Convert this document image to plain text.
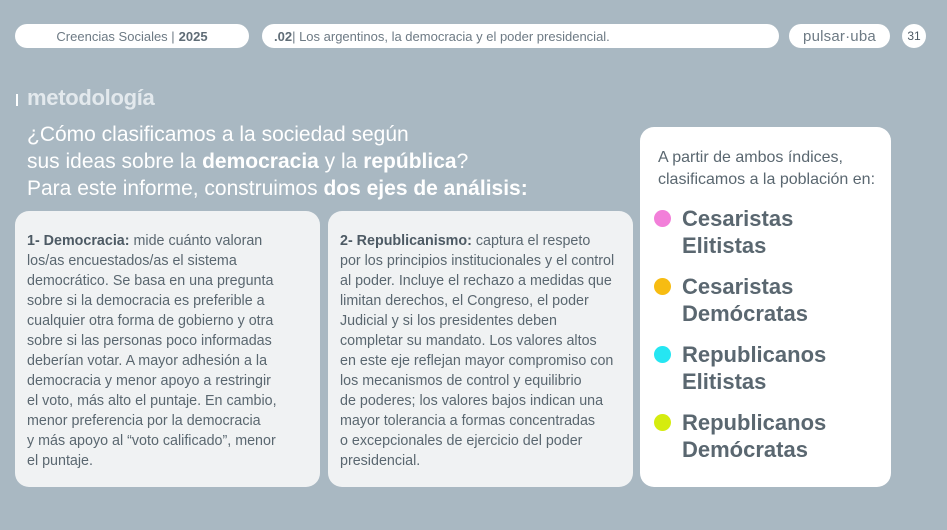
Creencias Sociales | 2025	.02 | Los argentinos, la democracia y el poder presidencial.	pulsar·uba	31
metodología
¿Cómo clasificamos a la sociedad según
sus ideas sobre la democracia y la república?
Para este informe, construimos dos ejes de análisis:

1- Democracia: mide cuánto valoran

los/as encuestados/as el sistema

democrático. Se basa en una pregunta

sobre si la democracia es preferible a

cualquier otra forma de gobierno y otra

sobre si las personas poco informadas

deberían votar. A mayor adhesión a la

democracia y menor apoyo a restringir

el voto, más alto el puntaje. En cambio,

menor preferencia por la democracia

y más apoyo al “voto calificado”, menor

el puntaje.

2- Republicanismo: captura el respeto

por los principios institucionales y el control

al poder. Incluye el rechazo a medidas que

limitan derechos, el Congreso, el poder

Judicial y si los presidentes deben

completar su mandato. Los valores altos

en este eje reflejan mayor compromiso con

los mecanismos de control y equilibrio

de poderes; los valores bajos indican una

mayor tolerancia a formas concentradas

o excepcionales de ejercicio del poder

presidencial.

A partir de ambos índices,
clasificamos a la población en:

Cesaristas
Elitistas
Cesaristas
Demócratas
Republicanos
Elitistas
Republicanos
Demócratas
